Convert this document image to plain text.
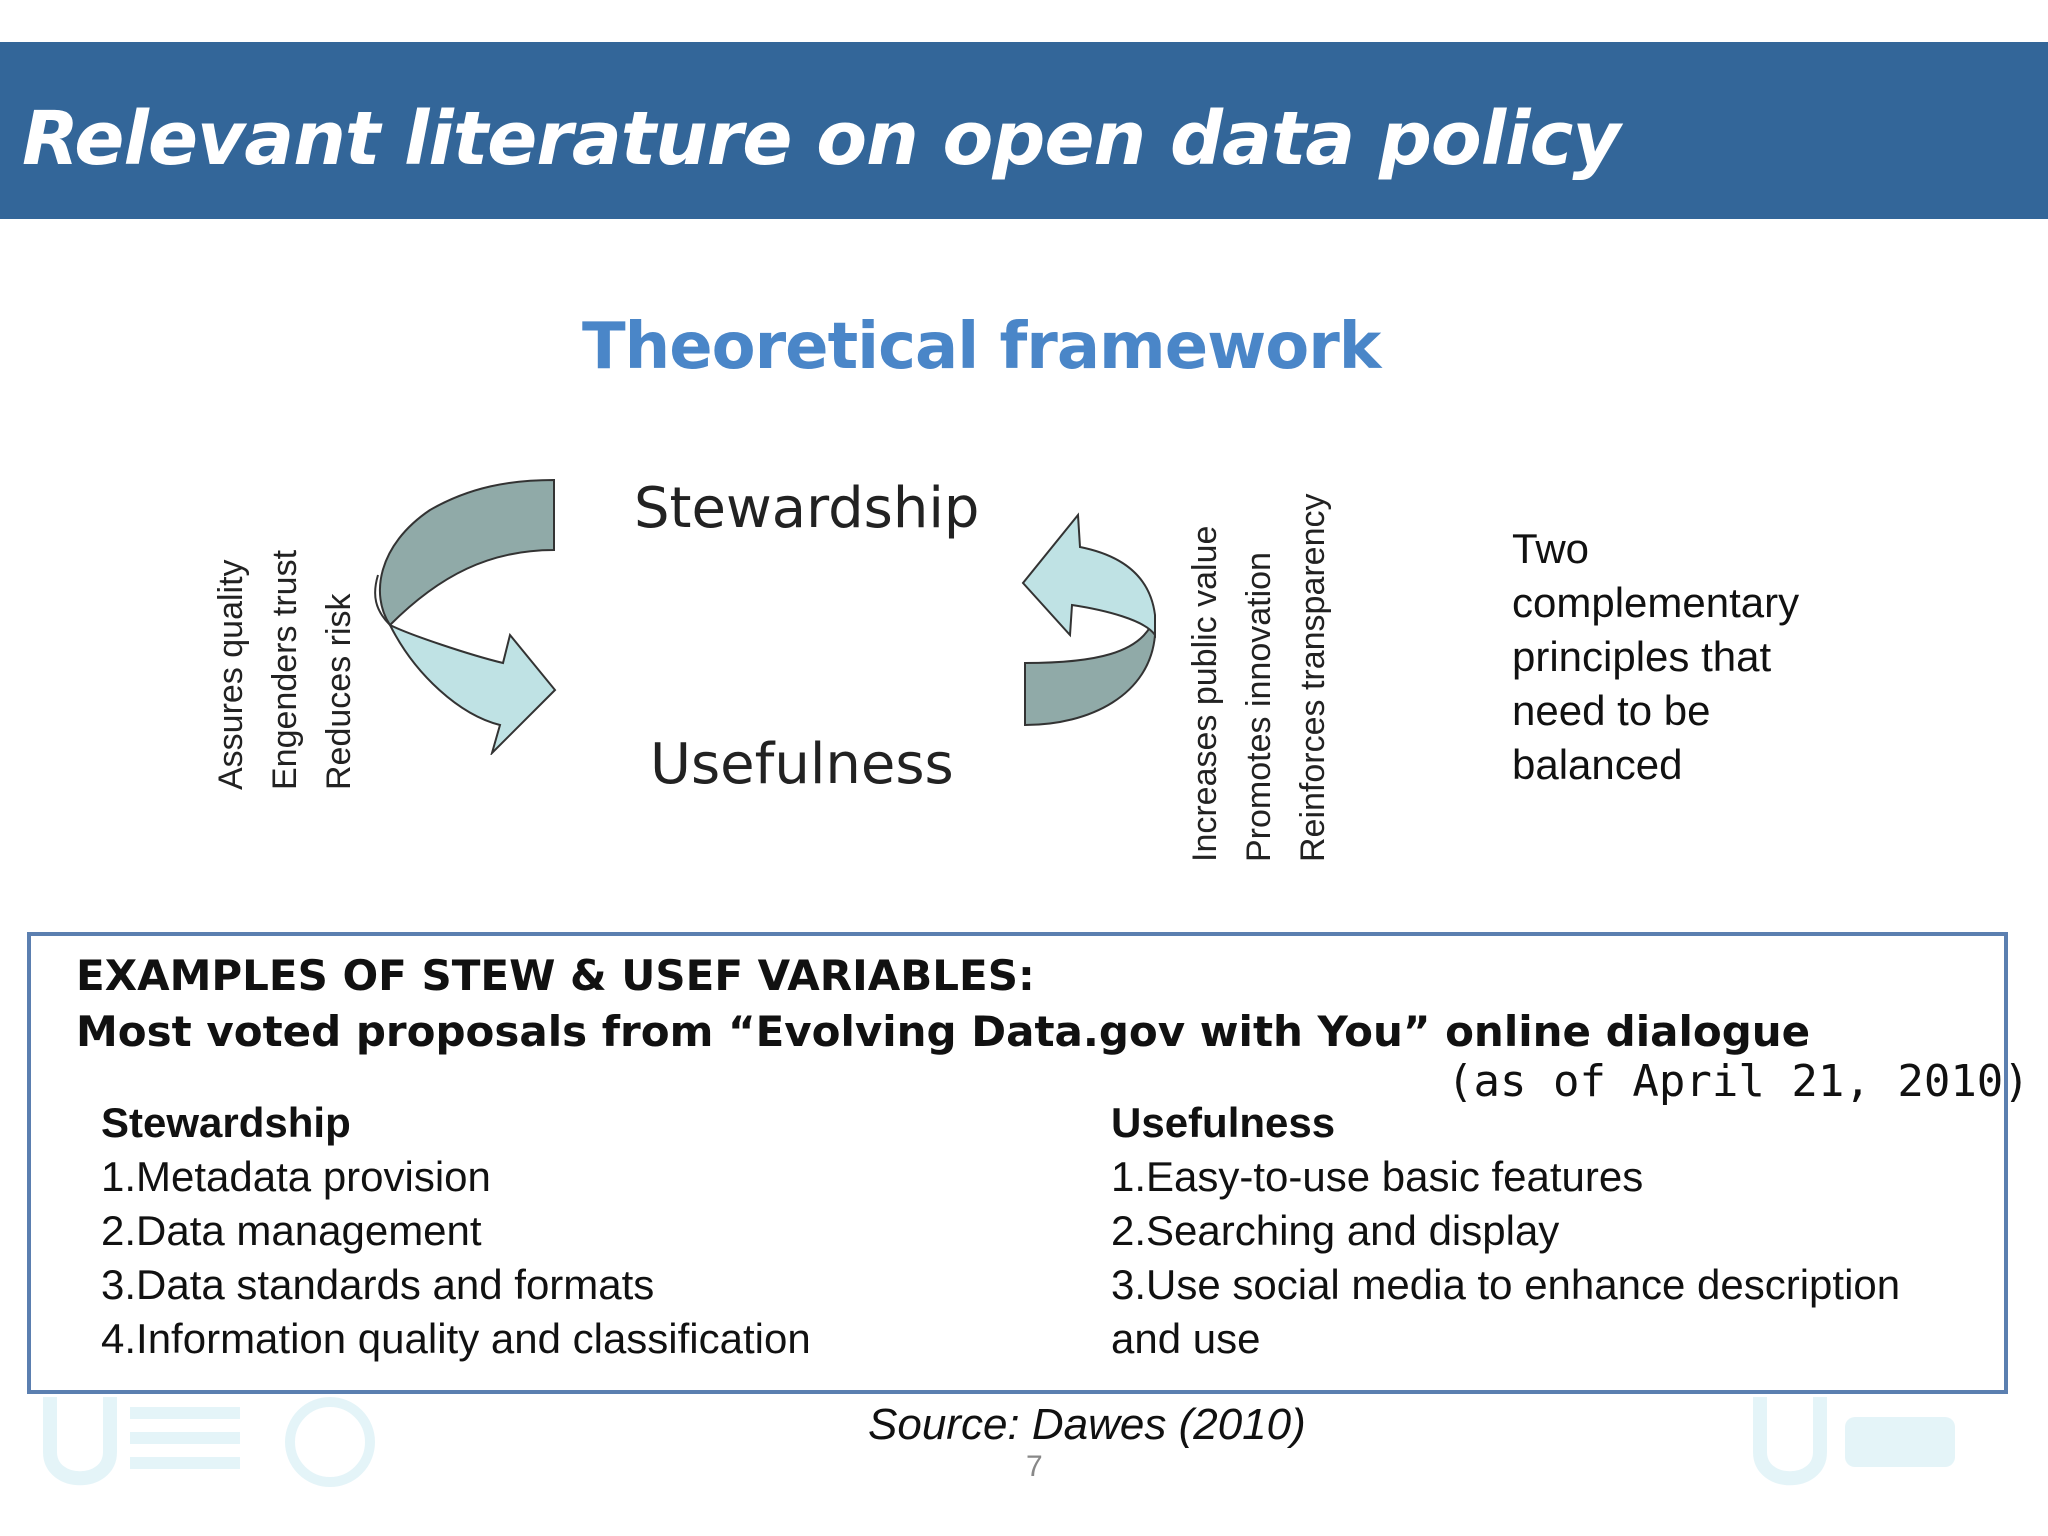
Relevant literature on open data policy
Theoretical framework
Assures quality Engenders trust Reduces risk
Stewardship
Usefulness	Increases public value Promotes innovation Reinforces transparency	Two
complementary
principles that
need to be
balanced
EXAMPLES OF STEW & USEF VARIABLES:
Most voted proposals from “Evolving Data.gov with You” online dialogue
(as of April 21, 2010)
Stewardship
1.Metadata provision
2.Data management
3.Data standards and formats
4.Information quality and classification
Usefulness
1.Easy-to-use basic features
2.Searching and display
3.Use social media to enhance description
and use
Source: Dawes (2010)
7
